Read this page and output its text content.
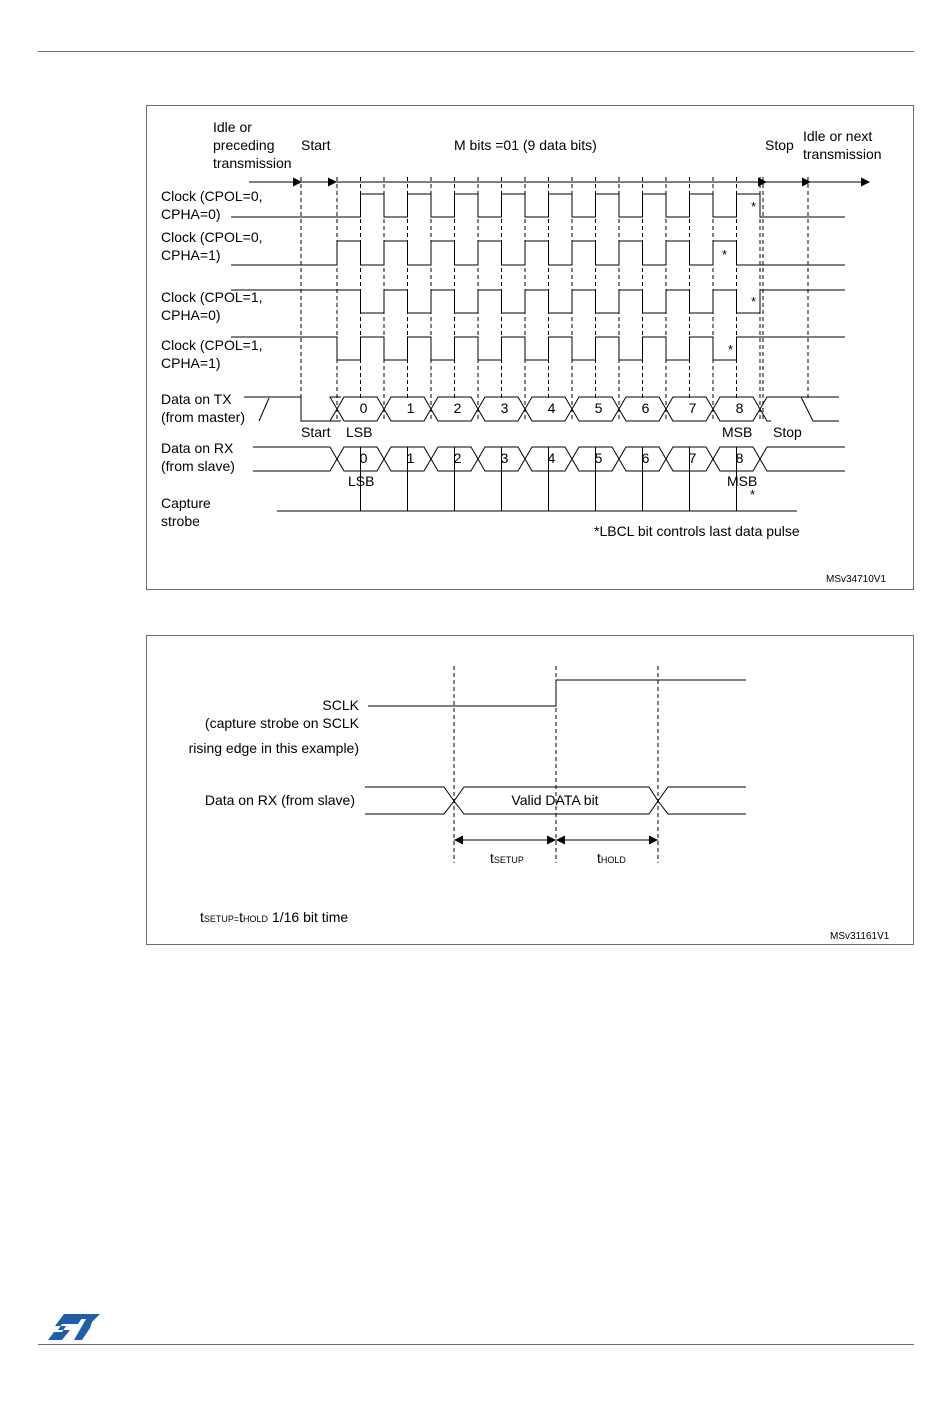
Idle or
preceding
transmission
Start	M bits =01 (9 data bits)	Stop
Idle or next
transmission
Clock (CPOL=0,
CPHA=0)
Clock (CPOL=0,
CPHA=1)
Clock (CPOL=1,
CPHA=0)
Clock (CPOL=1,
CPHA=1)
Data on TX
(from master)
Data on RX
(from slave)
Capture
strobe
0
0
1
1
2
2
3
3
4
4
5
5
6
6
7
7
8
8
Start LSB	MSB Stop
LSB	MSB
*LBCL bit controls last data pulse
*
*
*
*
*
MSv34710V1
SCLK
(capture strobe on SCLK
rising edge in this example)
Data on RX (from slave)	Valid DATA bit
tSETUP	tHOLD
tSETUP=tHOLD 1/16 bit time
MSv31161V1
